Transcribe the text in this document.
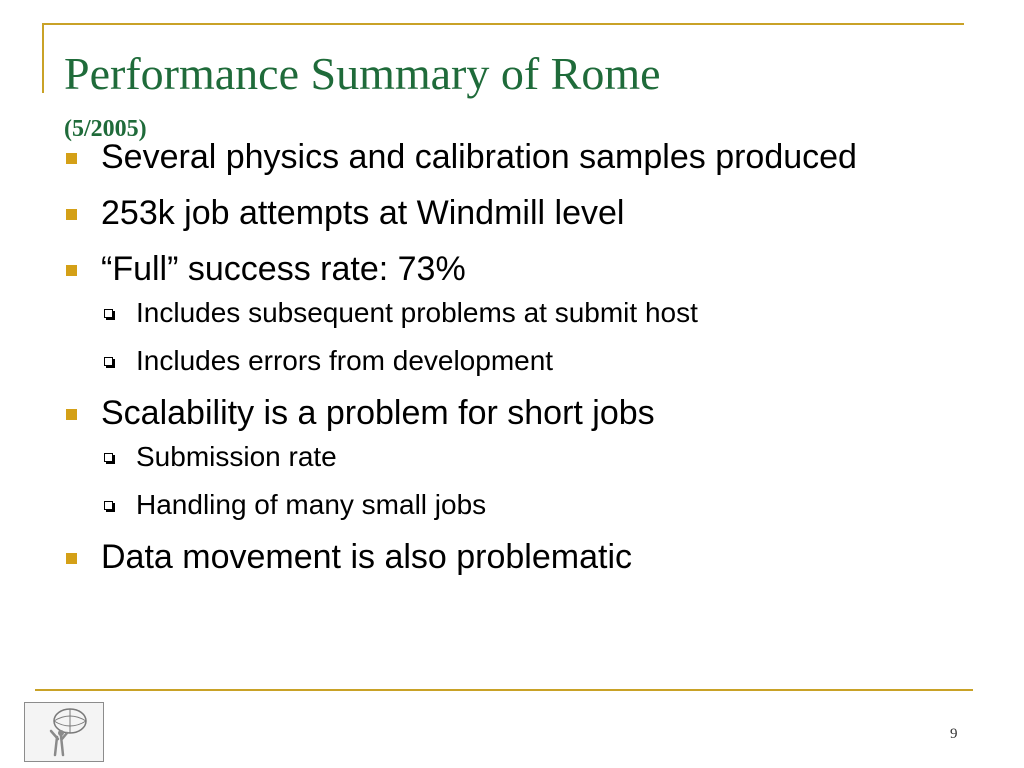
Performance Summary of Rome
(5/2005)
Several physics and calibration samples produced
253k job attempts at Windmill level
“Full” success rate: 73%
Includes subsequent problems at submit host
Includes errors from development
Scalability is a problem for short jobs
Submission rate
Handling of many small jobs
Data movement is also problematic
9
